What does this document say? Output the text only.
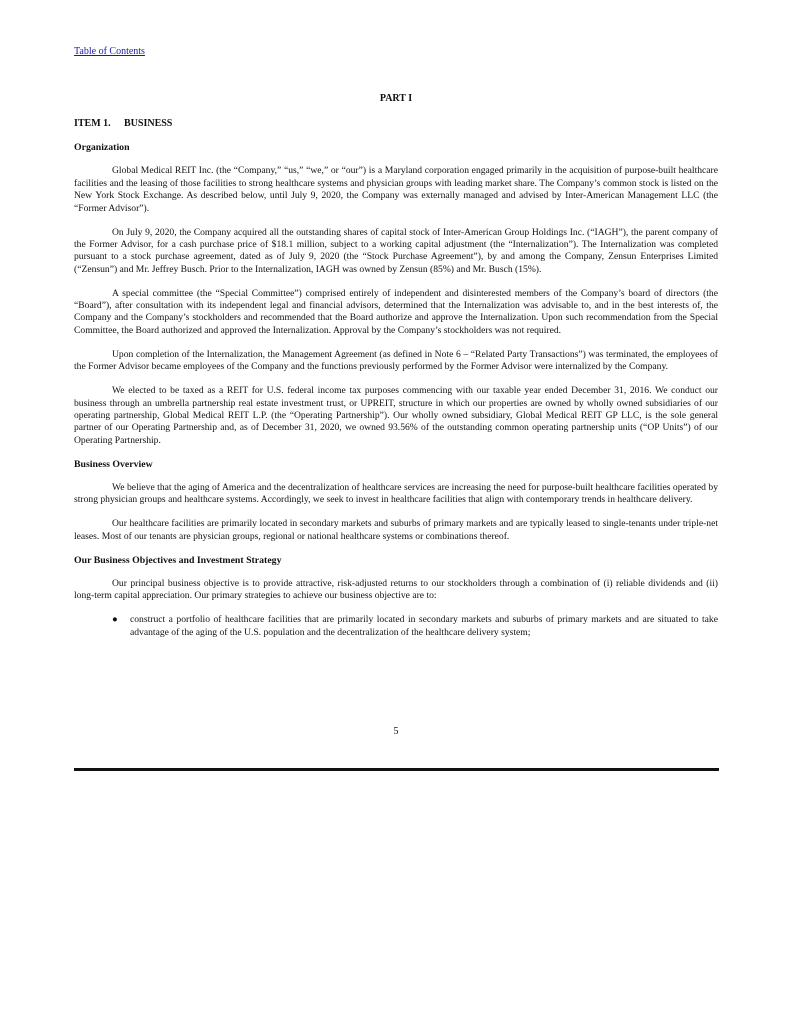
Table of Contents
PART I
ITEM 1. BUSINESS
Organization

Global Medical REIT Inc. (the “Company,” “us,” “we,” or “our”) is a Maryland corporation engaged primarily in the acquisition of purpose-built healthcare facilities and the leasing of those facilities to strong healthcare systems and physician groups with leading market share. The Company’s common stock is listed on the New York Stock Exchange. As described below, until July 9, 2020, the Company was externally managed and advised by Inter-American Management LLC (the “Former Advisor”).

On July 9, 2020, the Company acquired all the outstanding shares of capital stock of Inter-American Group Holdings Inc. (“IAGH”), the parent company of the Former Advisor, for a cash purchase price of $18.1 million, subject to a working capital adjustment (the “Internalization”). The Internalization was completed pursuant to a stock purchase agreement, dated as of July 9, 2020 (the “Stock Purchase Agreement”), by and among the Company, Zensun Enterprises Limited (“Zensun”) and Mr. Jeffrey Busch. Prior to the Internalization, IAGH was owned by Zensun (85%) and Mr. Busch (15%).

A special committee (the “Special Committee”) comprised entirely of independent and disinterested members of the Company’s board of directors (the “Board”), after consultation with its independent legal and financial advisors, determined that the Internalization was advisable to, and in the best interests of, the Company and the Company’s stockholders and recommended that the Board authorize and approve the Internalization. Upon such recommendation from the Special Committee, the Board authorized and approved the Internalization. Approval by the Company’s stockholders was not required.

Upon completion of the Internalization, the Management Agreement (as defined in Note 6 – “Related Party Transactions”) was terminated, the employees of the Former Advisor became employees of the Company and the functions previously performed by the Former Advisor were internalized by the Company.

We elected to be taxed as a REIT for U.S. federal income tax purposes commencing with our taxable year ended December 31, 2016. We conduct our business through an umbrella partnership real estate investment trust, or UPREIT, structure in which our properties are owned by wholly owned subsidiaries of our operating partnership, Global Medical REIT L.P. (the “Operating Partnership”). Our wholly owned subsidiary, Global Medical REIT GP LLC, is the sole general partner of our Operating Partnership and, as of December 31, 2020, we owned 93.56% of the outstanding common operating partnership units (“OP Units”) of our Operating Partnership.

Business Overview

We believe that the aging of America and the decentralization of healthcare services are increasing the need for purpose-built healthcare facilities operated by strong physician groups and healthcare systems. Accordingly, we seek to invest in healthcare facilities that align with contemporary trends in healthcare delivery.

Our healthcare facilities are primarily located in secondary markets and suburbs of primary markets and are typically leased to single-tenants under triple-net leases. Most of our tenants are physician groups, regional or national healthcare systems or combinations thereof.

Our Business Objectives and Investment Strategy

Our principal business objective is to provide attractive, risk-adjusted returns to our stockholders through a combination of (i) reliable dividends and (ii) long-term capital appreciation. Our primary strategies to achieve our business objective are to:

● construct a portfolio of healthcare facilities that are primarily located in secondary markets and suburbs of primary markets and are situated to take advantage of the aging of the U.S. population and the decentralization of the healthcare delivery system;

5
